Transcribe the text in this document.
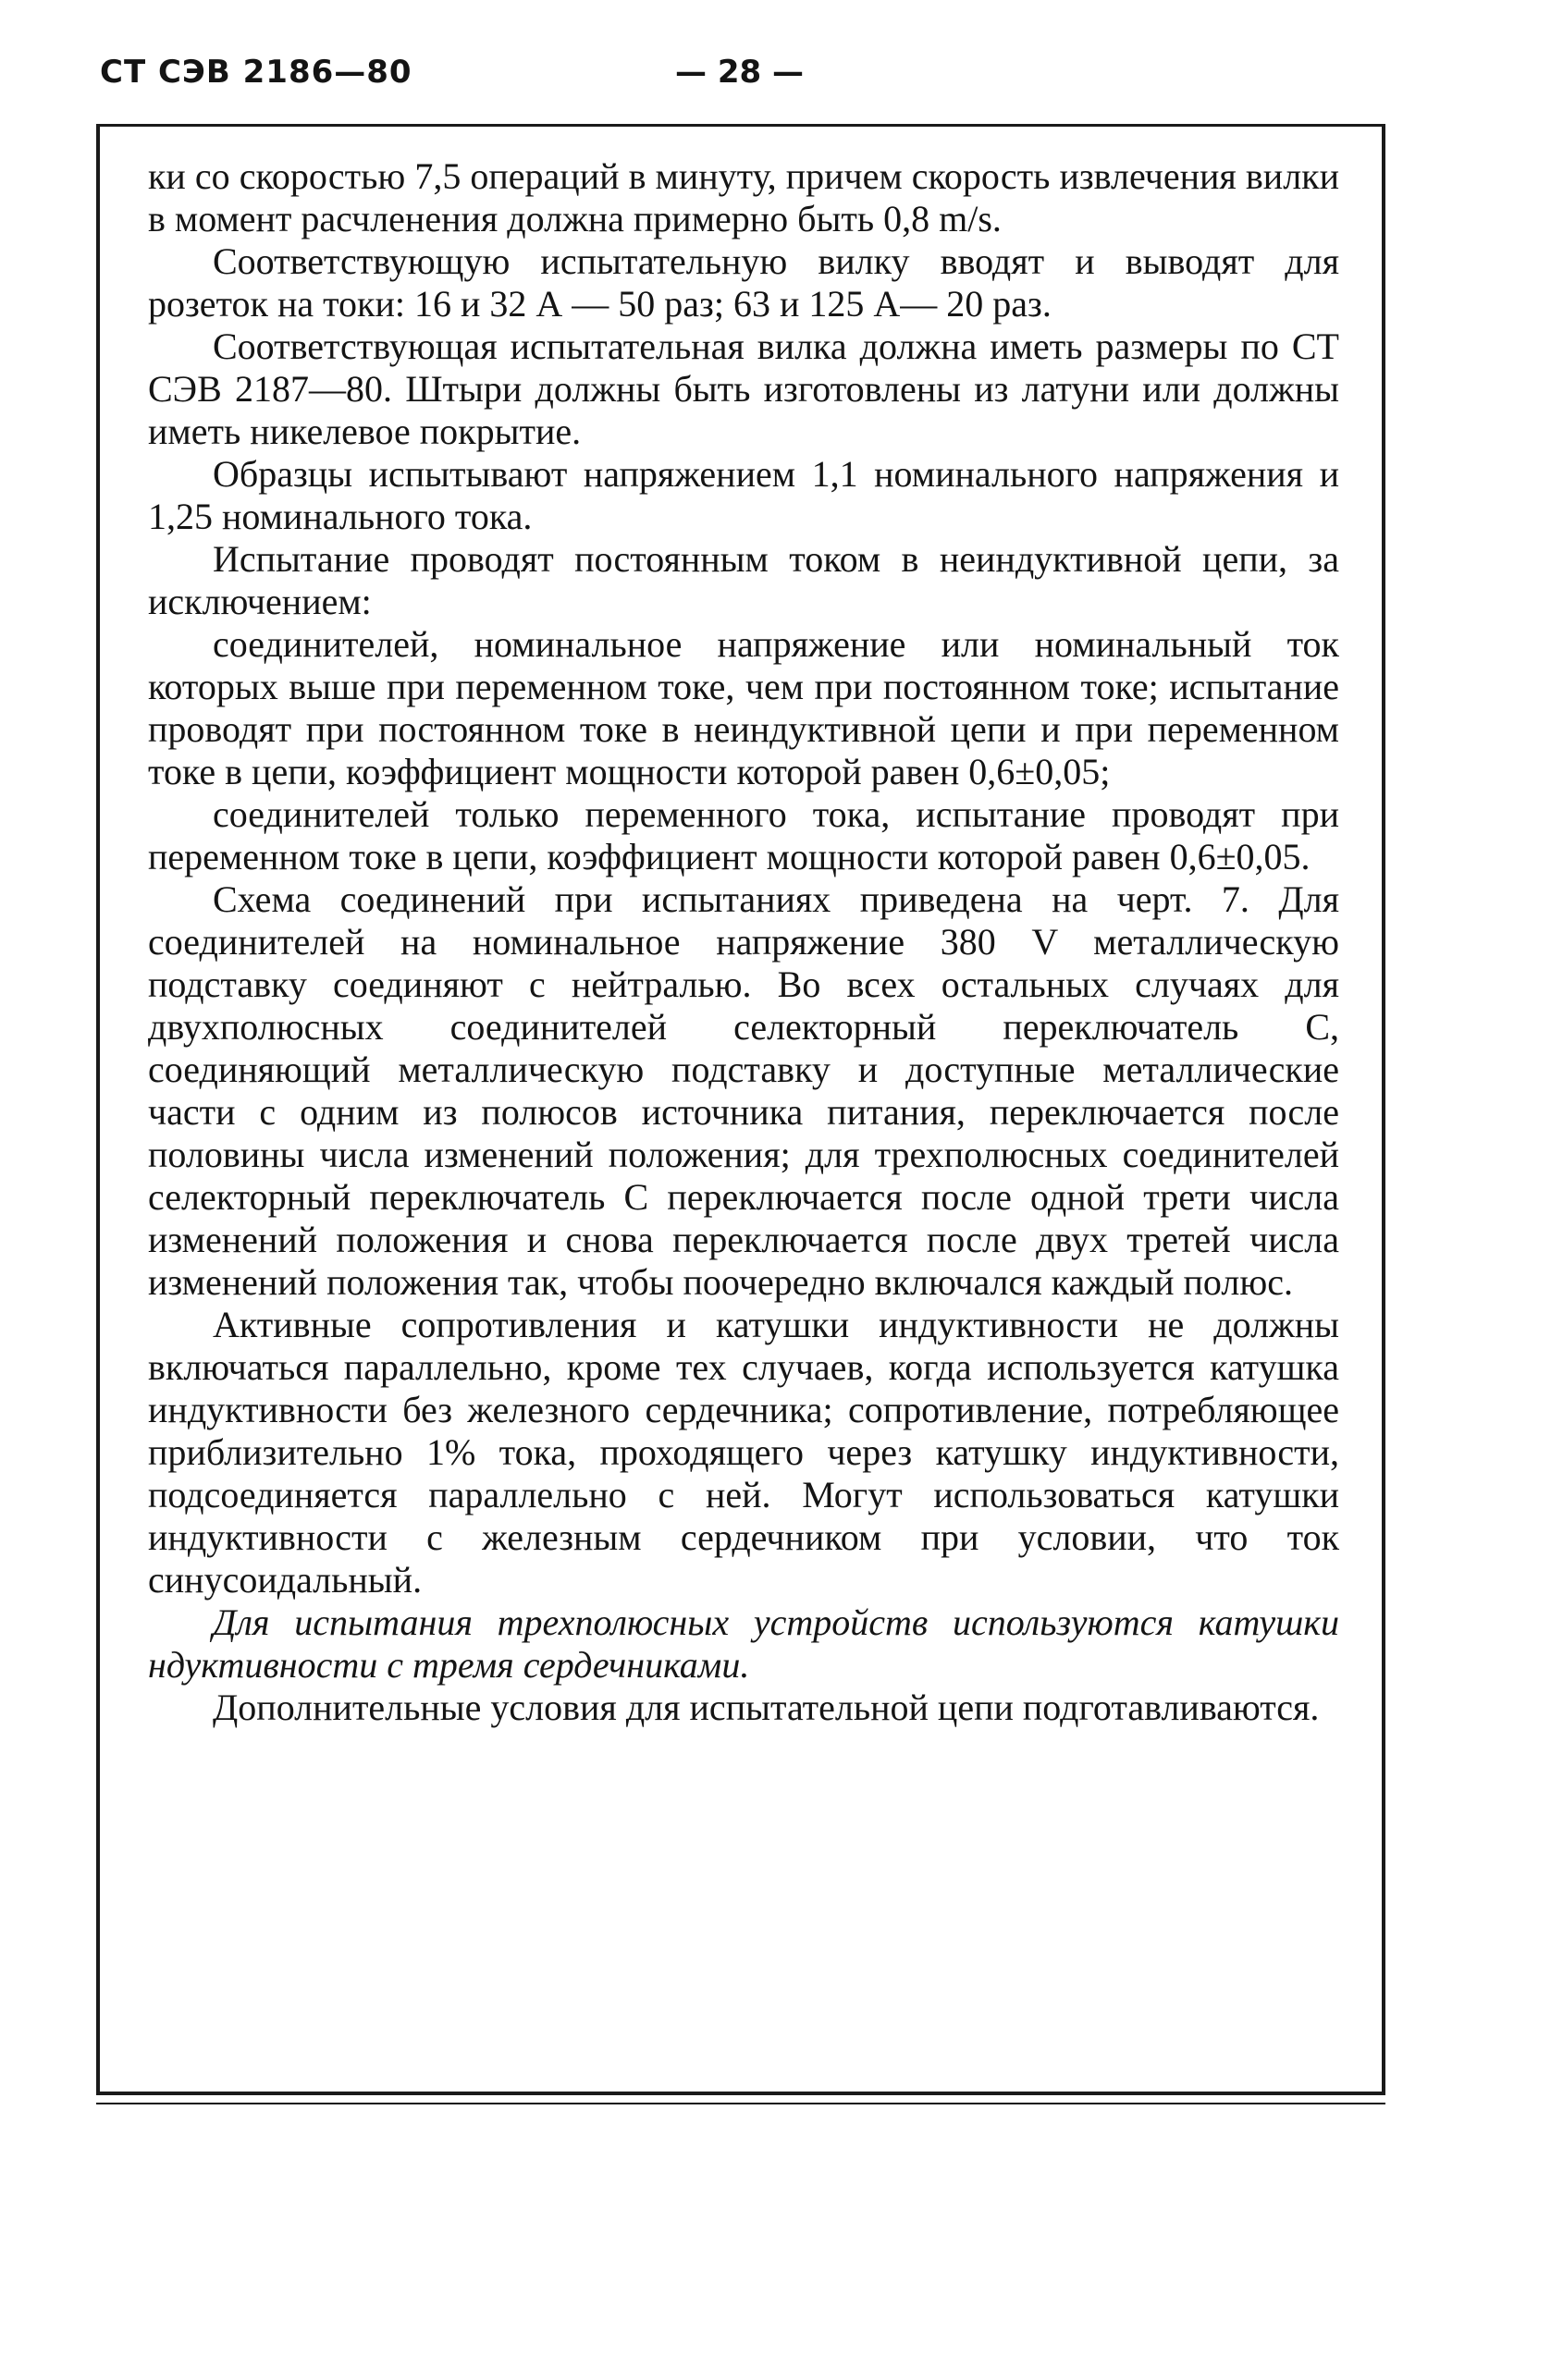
СТ СЭВ 2186—80	— 28 —

ки со скоростью 7,5 операций в минуту, причем скорость извлечения вилки в момент расчленения должна примерно быть 0,8 m/s.

Соответствующую испытательную вилку вводят и выводят для розеток на токи: 16 и 32 А — 50 раз; 63 и 125 А— 20 раз.

Соответствующая испытательная вилка должна иметь размеры по СТ СЭВ 2187—80. Штыри должны быть изготовлены из латуни или должны иметь никелевое покрытие.

Образцы испытывают напряжением 1,1 номинального напряжения и 1,25 номинального тока.

Испытание проводят постоянным током в неиндуктивной цепи, за исключением:

соединителей, номинальное напряжение или номинальный ток которых выше при переменном токе, чем при постоянном токе; испытание проводят при постоянном токе в неиндуктивной цепи и при переменном токе в цепи, коэффициент мощности которой равен 0,6±0,05;

соединителей только переменного тока, испытание проводят при переменном токе в цепи, коэффициент мощности которой равен 0,6±0,05.

Схема соединений при испытаниях приведена на черт. 7. Для соединителей на номинальное напряжение 380 V металлическую подставку соединяют с нейтралью. Во всех остальных случаях для двухполюсных соединителей селекторный переключатель C, соединяющий металлическую подставку и доступные металлические части с одним из полюсов источника питания, переключается после половины числа изменений положения; для трехполюсных соединителей селекторный переключатель C переключается после одной трети числа изменений положения и снова переключается после двух третей числа изменений положения так, чтобы поочередно включался каждый полюс.

Активные сопротивления и катушки индуктивности не должны включаться параллельно, кроме тех случаев, когда используется катушка индуктивности без железного сердечника; сопротивление, потребляющее приблизительно 1% тока, проходящего через катушку индуктивности, подсоединяется параллельно с ней. Могут использоваться катушки индуктивности с железным сердечником при условии, что ток синусоидальный.

Для испытания трехполюсных устройств используются катушки ндуктивности с тремя сердечниками.

Дополнительные условия для испытательной цепи подготавливаются.
